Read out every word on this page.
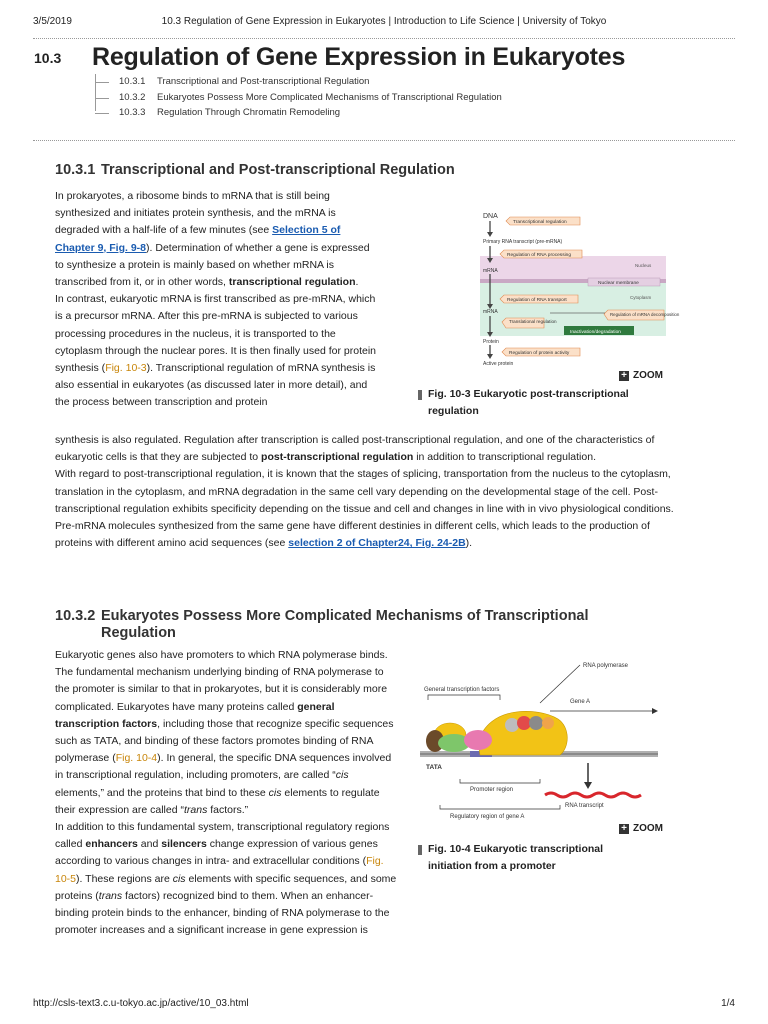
3/5/2019	10.3 Regulation of Gene Expression in Eukaryotes | Introduction to Life Science | University of Tokyo
10.3 Regulation of Gene Expression in Eukaryotes
10.3.1 Transcriptional and Post-transcriptional Regulation
10.3.2 Eukaryotes Possess More Complicated Mechanisms of Transcriptional Regulation
10.3.3 Regulation Through Chromatin Remodeling
10.3.1 Transcriptional and Post-transcriptional Regulation
In prokaryotes, a ribosome binds to mRNA that is still being synthesized and initiates protein synthesis, and the mRNA is degraded with a half-life of a few minutes (see Selection 5 of Chapter 9, Fig. 9-8). Determination of whether a gene is expressed to synthesize a protein is mainly based on whether mRNA is transcribed from it, or in other words, transcriptional regulation.
In contrast, eukaryotic mRNA is first transcribed as pre-mRNA, which is a precursor mRNA. After this pre-mRNA is subjected to various processing procedures in the nucleus, it is transported to the cytoplasm through the nuclear pores. It is then finally used for protein synthesis (Fig. 10-3). Transcriptional regulation of mRNA synthesis is also essential in eukaryotes (as discussed later in more detail), and the process between transcription and protein
synthesis is also regulated. Regulation after transcription is called post-transcriptional regulation, and one of the characteristics of eukaryotic cells is that they are subjected to post-transcriptional regulation in addition to transcriptional regulation.
With regard to post-transcriptional regulation, it is known that the stages of splicing, transportation from the nucleus to the cytoplasm, translation in the cytoplasm, and mRNA degradation in the same cell vary depending on the developmental stage of the cell. Post-transcriptional regulation exhibits specificity depending on the tissue and cell and changes in line with in vivo physiological conditions. Pre-mRNA molecules synthesized from the same gene have different destinies in different cells, which leads to the production of proteins with different amino acid sequences (see selection 2 of Chapter24, Fig. 24-2B).
DNA
Transcriptional regulation
Primary RNA transcript (pre-mRNA)
Regulation of RNA processing
Nucleus
mRNA
Nuclear membrane
Regulation of RNA transport
Cytoplasm
mRNA
Translational regulation
Regulation of mRNA decomposition
Inactivation/degradation
Protein
Regulation of protein activity
Active protein
+ ZOOM
Fig. 10-3 Eukaryotic post-transcriptional regulation
10.3.2 Eukaryotes Possess More Complicated Mechanisms of Transcriptional
Regulation
Eukaryotic genes also have promoters to which RNA polymerase binds. The fundamental mechanism underlying binding of RNA polymerase to the promoter is similar to that in prokaryotes, but it is considerably more complicated. Eukaryotes have many proteins called general transcription factors, including those that recognize specific sequences such as TATA, and binding of these factors promotes binding of RNA polymerase (Fig. 10-4). In general, the specific DNA sequences involved in transcriptional regulation, including promoters, are called “cis elements,” and the proteins that bind to these cis elements to regulate their expression are called “trans factors.”
In addition to this fundamental system, transcriptional regulatory regions called enhancers and silencers change expression of various genes according to various changes in intra- and extracellular conditions (Fig. 10-5). These regions are cis elements with specific sequences, and some proteins (trans factors) recognized bind to them. When an enhancer-binding protein binds to the enhancer, binding of RNA polymerase to the promoter increases and a significant increase in gene expression is
RNA polymerase
General transcription factors
Gene A
TATA
RNA transcript
Promoter region
Regulatory region of gene A
+ ZOOM
Fig. 10-4 Eukaryotic transcriptional initiation from a promoter
http://csls-text3.c.u-tokyo.ac.jp/active/10_03.html	1/4
